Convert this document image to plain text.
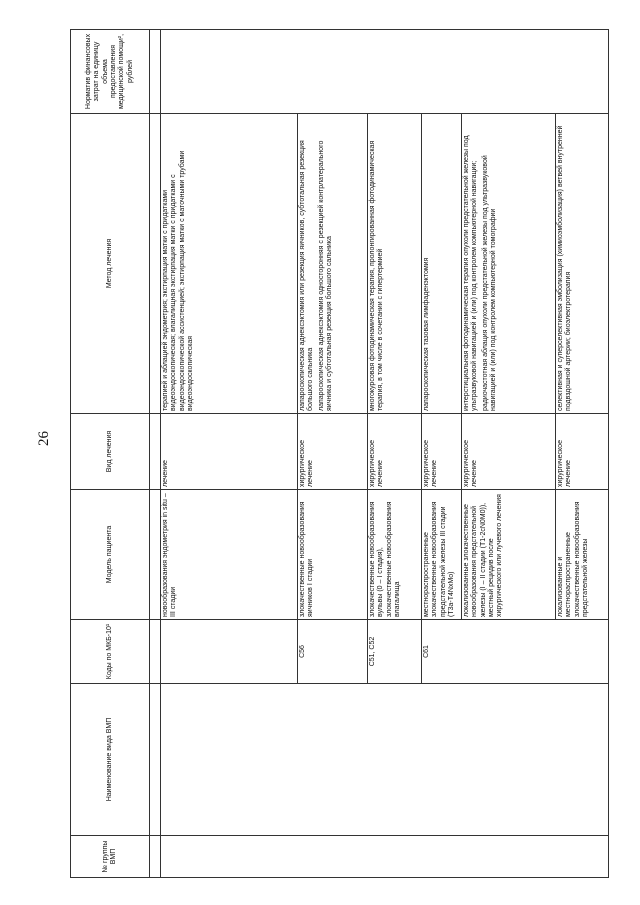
26
№ группы ВМП	Наименование вида ВМП	Коды по МКБ-10¹	Модель пациента	Вид лечения	Метод лечения	Норматив финансовых затрат на единицу объема предоставления медицинской помощи², рублей

			новообразования эндометрия in situ – III стадии	лечение	терапией и аблацией эндометрия; экстирпация матки с придатками видеоэндоскопическая; влагалищная экстирпация матки с придатками с видеоэндоскопической ассистенцией; экстирпация матки с маточными трубами видеоэндоскопическая	

		C56	злокачественные новообразования яичников I стадии	хирургическое лечение	лапароскопическая аднексэктомия или резекция яичников, субтотальная резекция большого сальника лапароскопическая аднексэктомия односторонняя с резекцией контрлатерального яичника и субтотальная резекция большого сальника	

		C51, C52	злокачественные новообразования вульвы (0 – I стадия), злокачественные новообразования влагалища	хирургическое лечение	многокурсовая фотодинамическая терапия, пролонгированная фотодинамическая терапия, в том числе в сочетании с гипертермией	

		C61	местнораспространенные злокачественные новообразования предстательной железы III стадии (T3a-T4NxMo)	хирургическое лечение	лапароскопическая тазовая лимфаденэктомия	

			локализованные злокачественные новообразования предстательной железы (I – II стадии (T1-2cN0M0)), местный рецидив после хирургического или лучевого лечения	хирургическое лечение	интерстициальная фотодинамическая терапия опухоли предстательной железы под ультразвуковой навигацией и (или) под контролем компьютерной навигации; радиочастотная аблация опухоли предстательной железы под ультразвуковой навигацией и (или) под контролем компьютерной томографии	

			локализованные и местнораспространенные злокачественные новообразования предстательной железы	хирургическое лечение	селективная и суперселективная эмболизация (химиоэмболизация) ветвей внутренней подвздошной артерии; биоэлектротерапия	
